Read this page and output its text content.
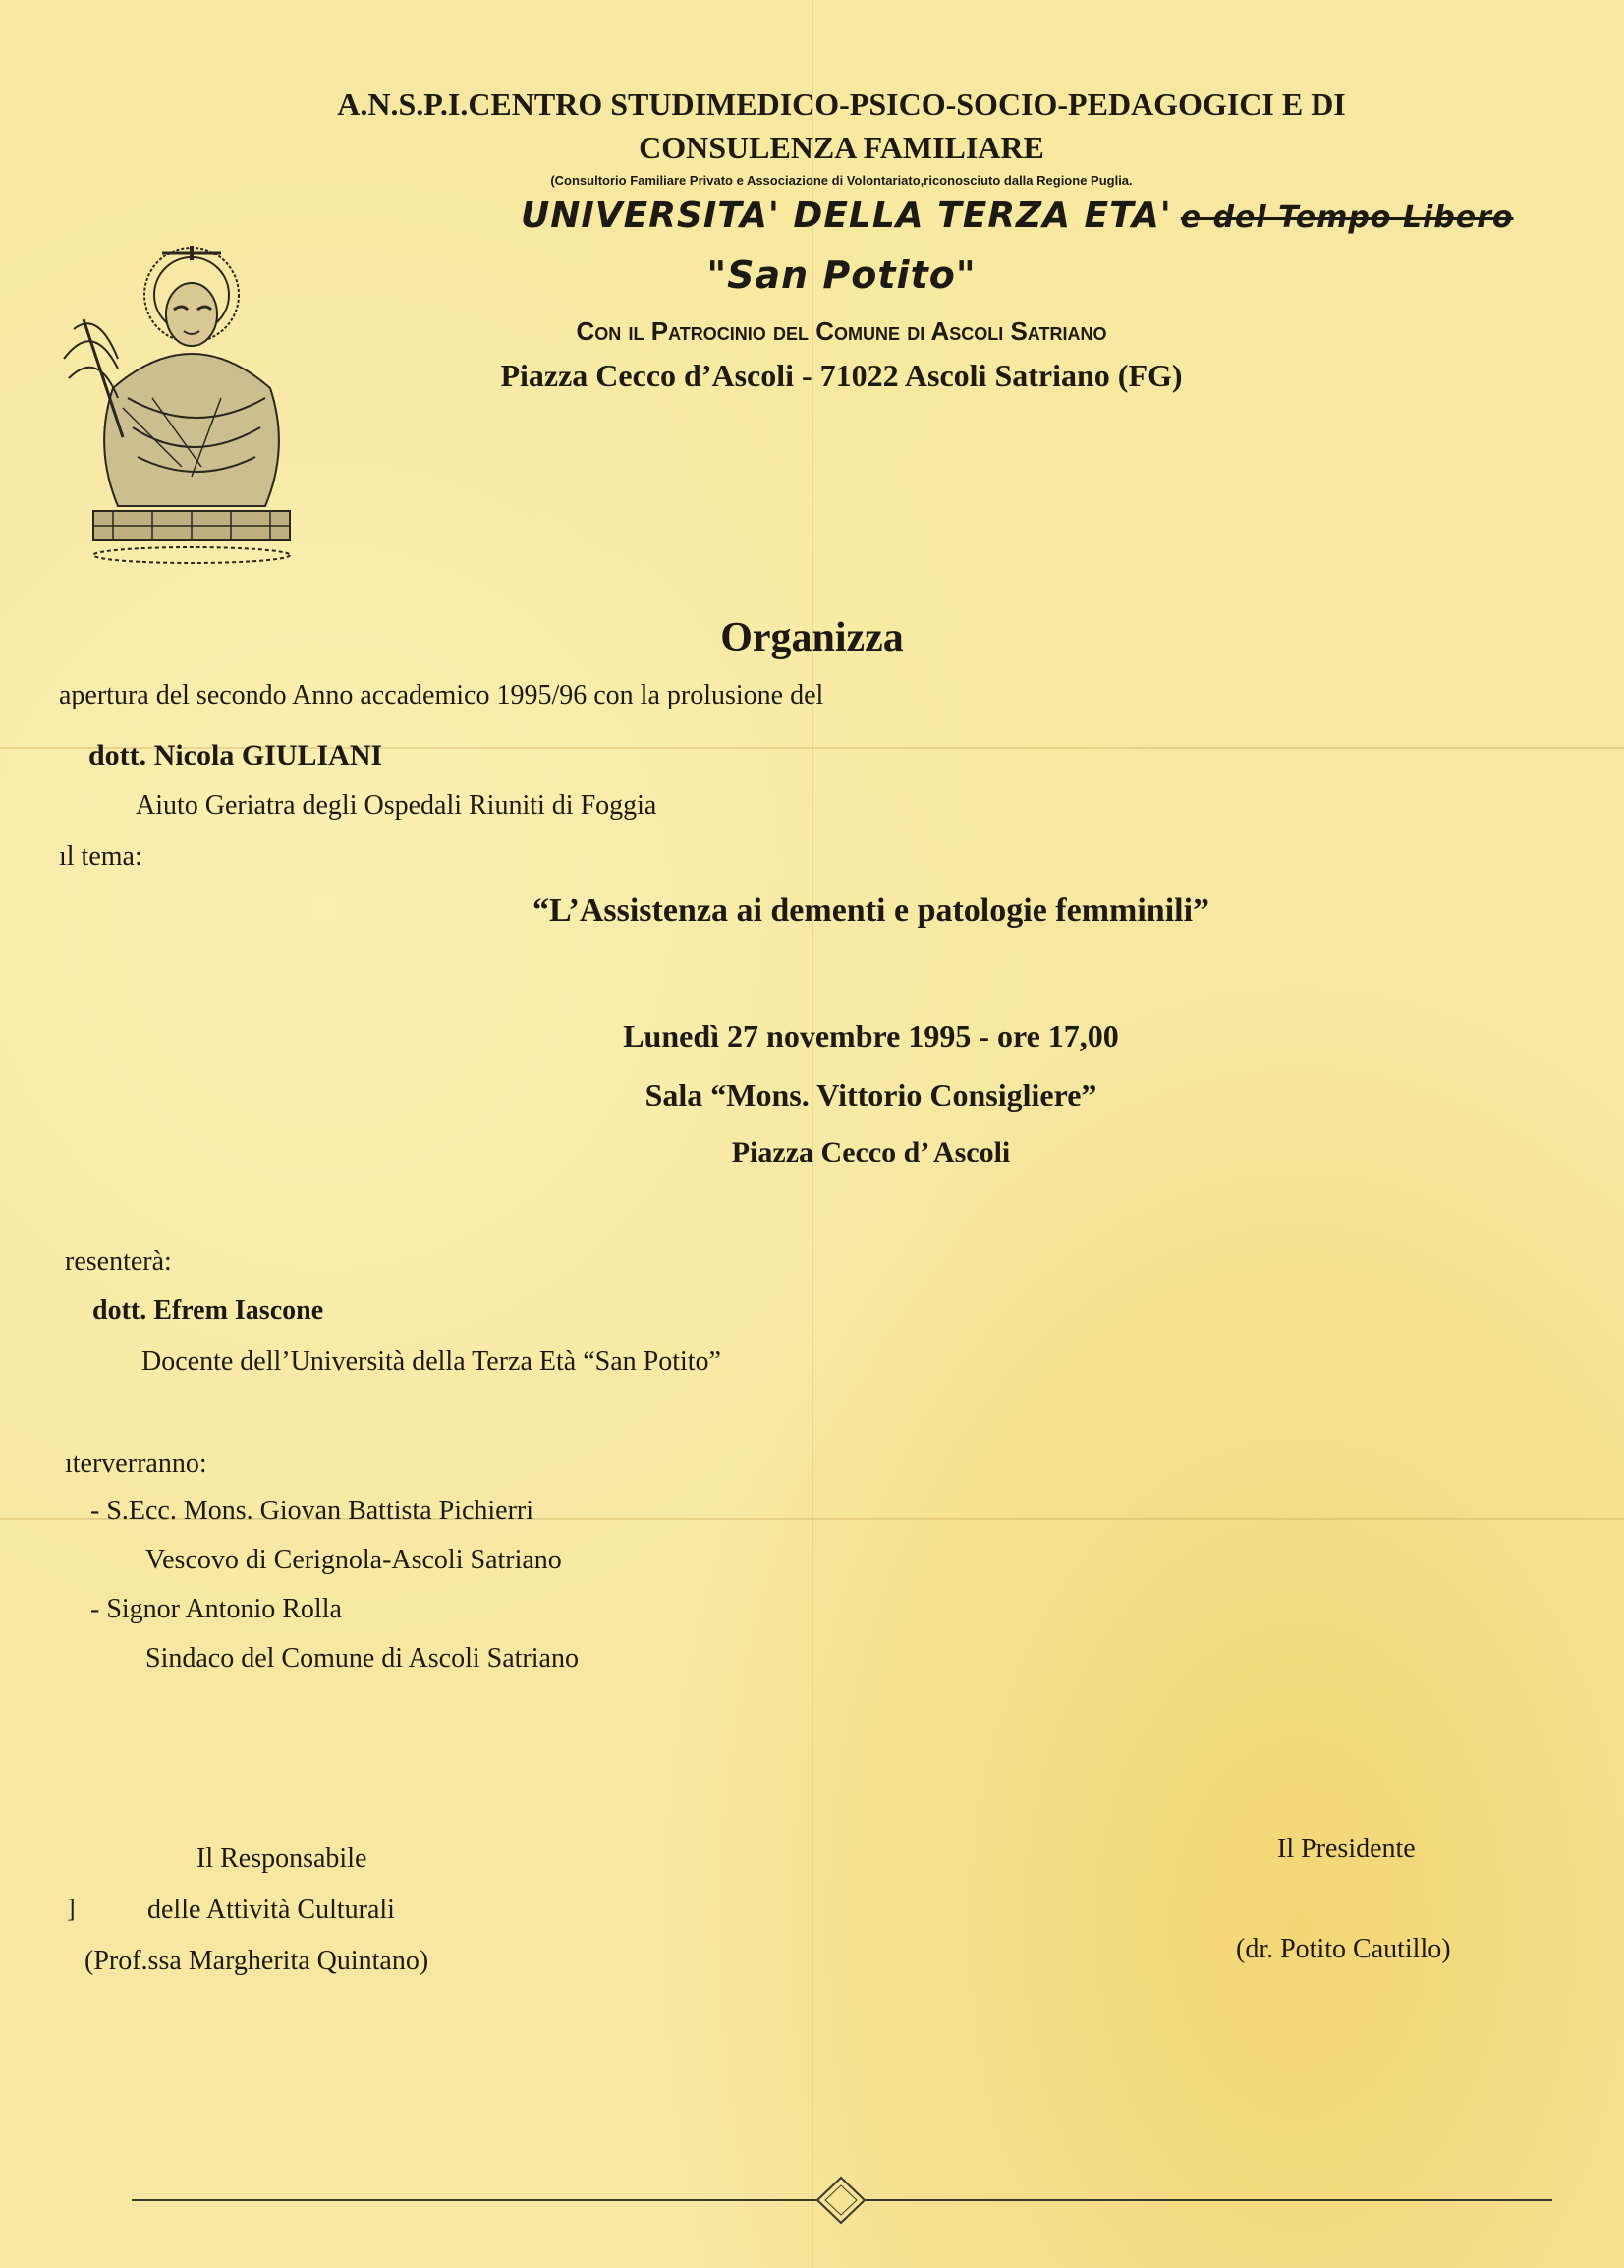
A.N.S.P.I.CENTRO STUDIMEDICO-PSICO-SOCIO-PEDAGOGICI E DI
CONSULENZA FAMILIARE
(Consultorio Familiare Privato e Associazione di Volontariato,riconosciuto dalla Regione Puglia.
UNIVERSITA' DELLA TERZA ETA' e del Tempo Libero
"San Potito"
Con il Patrocinio del Comune di Ascoli Satriano
Piazza Cecco d’Ascoli - 71022 Ascoli Satriano (FG)
Organizza
apertura del secondo Anno accademico 1995/96 con la prolusione del
dott. Nicola GIULIANI
Aiuto Geriatra degli Ospedali Riuniti di Foggia
ıl tema:
“L’Assistenza ai dementi e patologie femminili”
Lunedì 27 novembre 1995 - ore 17,00
Sala “Mons. Vittorio Consigliere”
Piazza Cecco d’ Ascoli
resenterà:
dott. Efrem Iascone
Docente dell’Università della Terza Età “San Potito”
ıterverranno:
- S.Ecc. Mons. Giovan Battista Pichierri
Vescovo di Cerignola-Ascoli Satriano
- Signor Antonio Rolla
Sindaco del Comune di Ascoli Satriano
Il Responsabile
]	delle Attività Culturali
(Prof.ssa Margherita Quintano)
Il Presidente
(dr. Potito Cautillo)
